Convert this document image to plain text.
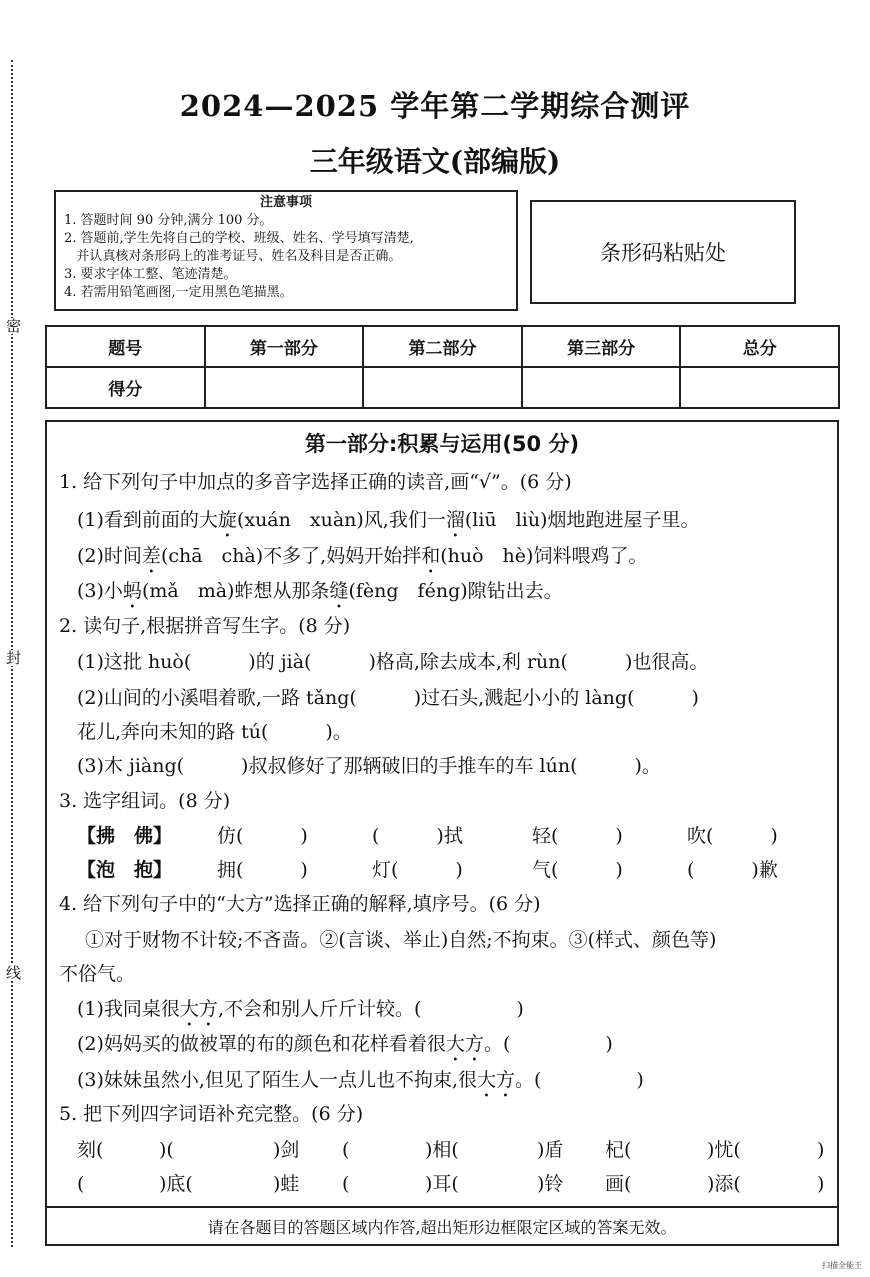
密
封
线
2024—2025 学年第二学期综合测评
三年级语文(部编版)
注意事项
1. 答题时间 90 分钟,满分 100 分。
2. 答题前,学生先将自己的学校、班级、姓名、学号填写清楚,
并认真核对条形码上的准考证号、姓名及科目是否正确。
3. 要求字体工整、笔迹清楚。
4. 若需用铅笔画图,一定用黑色笔描黑。
条形码粘贴处
题号	第一部分	第二部分	第三部分	总分
得分				
第一部分:积累与运用(50 分)
1. 给下列句子中加点的多音字选择正确的读音,画“√”。(6 分)
(1)看到前面的大旋(xuán　xuàn)风,我们一溜(liū　liù)烟地跑进屋子里。
(2)时间差(chā　chà)不多了,妈妈开始拌和(huò　hè)饲料喂鸡了。
(3)小蚂(mǎ　mà)蚱想从那条缝(fèng　féng)隙钻出去。
2. 读句子,根据拼音写生字。(8 分)
(1)这批 huò(　　　)的 jià(　　　)格高,除去成本,利 rùn(　　　)也很高。
(2)山间的小溪唱着歌,一路 tǎng(　　　)过石头,溅起小小的 làng(　　　)
花儿,奔向未知的路 tú(　　　)。
(3)木 jiàng(　　　)叔叔修好了那辆破旧的手推车的车 lún(　　　)。
3. 选字组词。(8 分)
【拂　佛】 仿(　　　)	(　　　)拭	轻(　　　)	吹(　　　)
【泡　抱】 拥(　　　)	灯(　　　)	气(　　　)	(　　　)歉
4. 给下列句子中的“大方”选择正确的解释,填序号。(6 分)
①对于财物不计较;不吝啬。②(言谈、举止)自然;不拘束。③(样式、颜色等)
不俗气。
(1)我同桌很大方,不会和别人斤斤计较。(　　　　　)
(2)妈妈买的做被罩的布的颜色和花样看着很大方。(　　　　　)
(3)妹妹虽然小,但见了陌生人一点儿也不拘束,很大方。(　　　　　)
5. 把下列四字词语补充完整。(6 分)
刻(	)(	)剑 (	)相(	)盾 杞(	)忧(	)
(	)底(	)蛙 (	)耳(	)铃 画(	)添(	)
请在各题目的答题区域内作答,超出矩形边框限定区域的答案无效。
扫描全能王
